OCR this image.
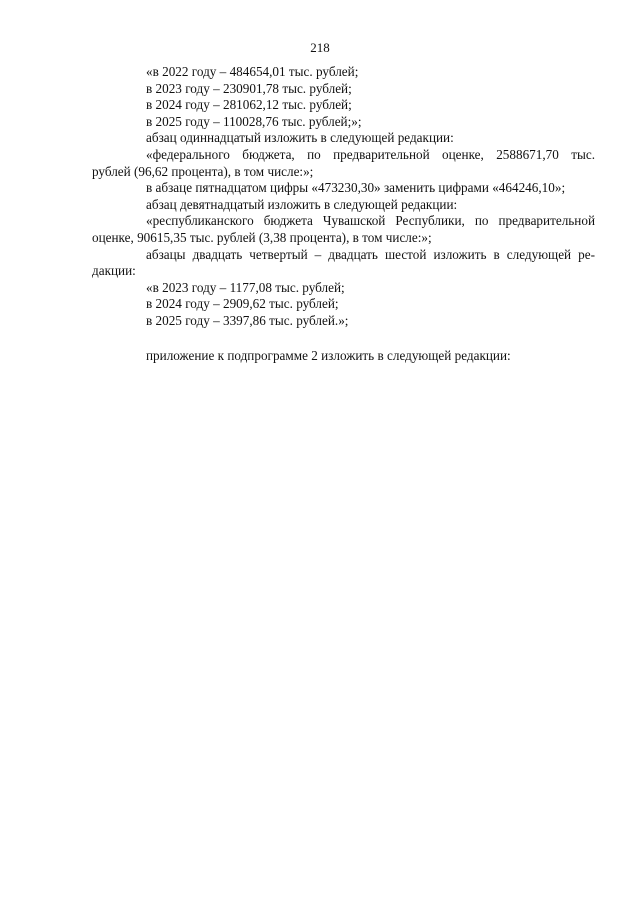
218
«в 2022 году – 484654,01 тыс. рублей;
в 2023 году – 230901,78 тыс. рублей;
в 2024 году – 281062,12 тыс. рублей;
в 2025 году – 110028,76 тыс. рублей;»;
абзац одиннадцатый изложить в следующей редакции:
«федерального бюджета, по предварительной оценке, 2588671,70 тыс.
рублей (96,62 процента), в том числе:»;
в абзаце пятнадцатом цифры «473230,30» заменить цифрами «464246,10»;
абзац девятнадцатый изложить в следующей редакции:
«республиканского бюджета Чувашской Республики, по предварительной
оценке, 90615,35 тыс. рублей (3,38 процента), в том числе:»;
абзацы двадцать четвертый – двадцать шестой изложить в следующей ре-
дакции:
«в 2023 году – 1177,08 тыс. рублей;
в 2024 году – 2909,62 тыс. рублей;
в 2025 году – 3397,86 тыс. рублей.»;
приложение к подпрограмме 2 изложить в следующей редакции:
